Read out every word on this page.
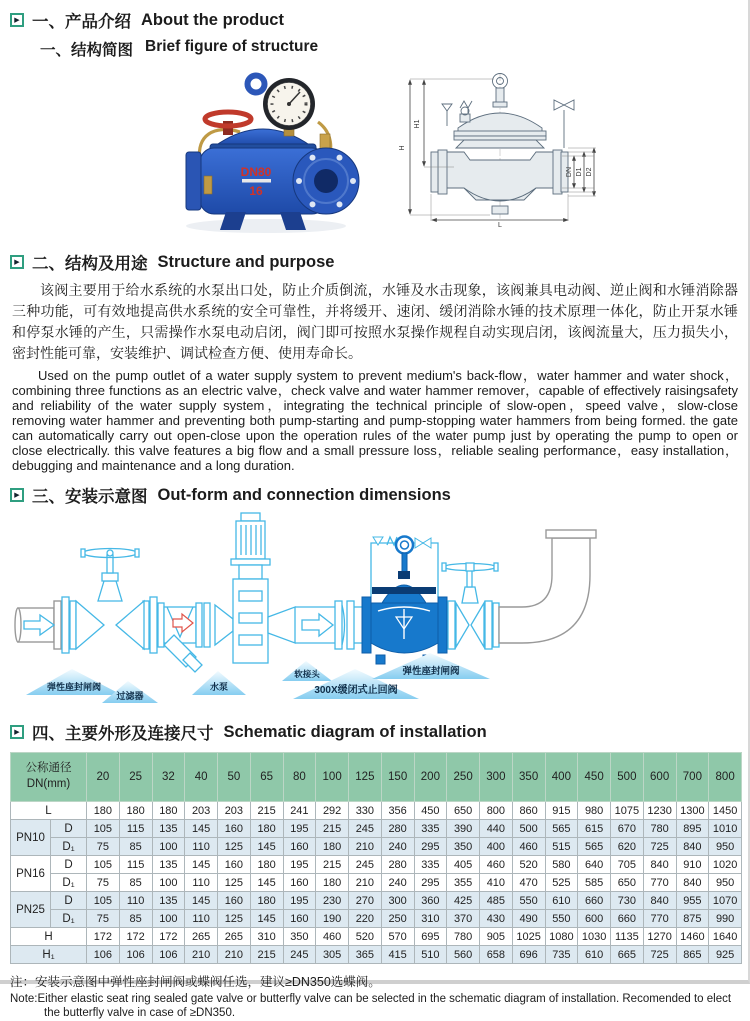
▶
一、产品介绍 About the product
一、结构简图 Brief figure of structure
DN80
16
H
H1
DN D1 D2
L
▶
二、结构及用途 Structure and purpose

该阀主要用于给水系统的水泵出口处，防止介质倒流，水锤及水击现象，该阀兼具电动阀、逆止阀和水锤消除器三种功能，可有效地提高供水系统的安全可靠性，并将缓开、速闭、缓闭消除水锤的技术原理一体化，防止开泵水锤和停泵水锤的产生，只需操作水泵电动启闭，阀门即可按照水泵操作规程自动实现启闭，该阀流量大，压力损失小，密封性能可靠，安装维护、调试检查方便、使用寿命长。

Used on the pump outlet of a water supply system to prevent medium's back-flow，water hammer and water shock，combining three functions as an electric valve，check valve and water hammer remover，capable of effectively raisingsafety and reliability of the water supply system，integrating the technical principle of slow-open，speed valve，slow-close removing water hammer and preventing both pump-starting and pump-stopping water hammers from being formed. the gate can automatically carry out open-close upon the operation rules of the water pump just by operating the pump to open or close electrically. this valve features a big flow and a small pressure loss，reliable sealing performance，easy installation，debugging and maintenance and a long duration.

▶
三、安装示意图 Out-form and connection dimensions
弹性座封闸阀
过滤器
水泵
软接头
300X缓闭式止回阀
弹性座封闸阀
▶
四、主要外形及连接尺寸 Schematic diagram of installation
公称通径
DN(mm)		20	25	32	40	50	65	80	100	125	150	200	250	300	350	400	450	500	600	700	800
L		180	180	180	203	203	215	241	292	330	356	450	650	800	860	915	980	1075	1230	1300	1450
PN10	D	105	115	135	145	160	180	195	215	245	280	335	390	440	500	565	615	670	780	895	1010
	D₁	75	85	100	110	125	145	160	180	210	240	295	350	400	460	515	565	620	725	840	950
PN16	D	105	115	135	145	160	180	195	215	245	280	335	405	460	520	580	640	705	840	910	1020
	D₁	75	85	100	110	125	145	160	180	210	240	295	355	410	470	525	585	650	770	840	950
PN25	D	105	110	135	145	160	180	195	230	270	300	360	425	485	550	610	660	730	840	955	1070
	D₁	75	85	100	110	125	145	160	190	220	250	310	370	430	490	550	600	660	770	875	990
H		172	172	172	265	265	310	350	460	520	570	695	780	905	1025	1080	1030	1135	1270	1460	1640
H₁		106	106	106	210	210	215	245	305	365	415	510	560	658	696	735	610	665	725	865	925
注：安装示意图中弹性座封闸阀或蝶阀任选，建议≥DN350选蝶阀。
Note:Either elastic seat ring sealed gate valve or butterfly valve can be selected in the schematic diagram of installation. Recomended to elect the butterfly valve in case of ≥DN350.
